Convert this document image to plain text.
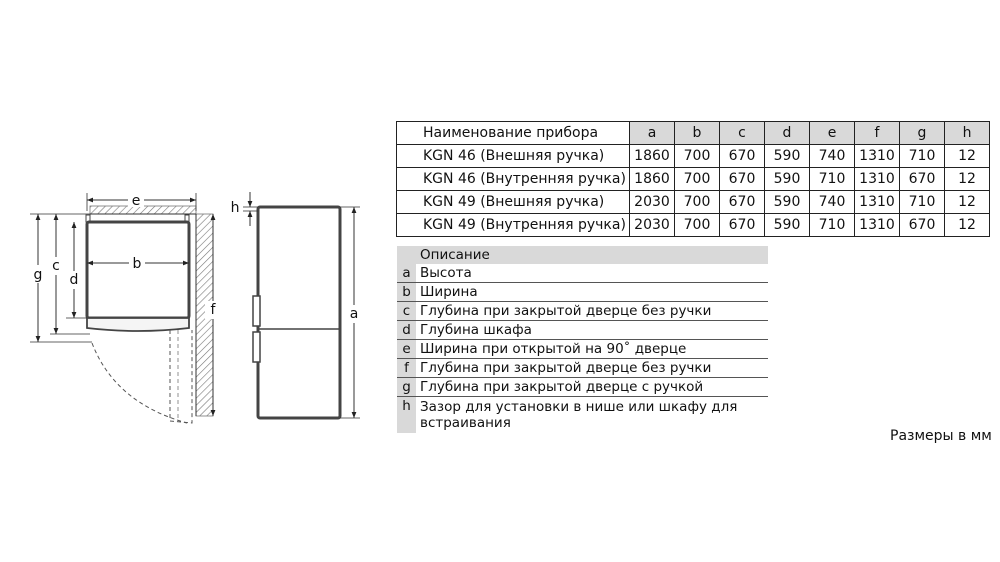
e
b
g
c
d
f
h
a
Наименование прибора	a	b	c	d	e	f	g	h
KGN 46 (Внешняя ручка)	1860	700	670	590	740	1310	710	12
KGN 46 (Внутренняя ручка)	1860	700	670	590	710	1310	670	12
KGN 49 (Внешняя ручка)	2030	700	670	590	740	1310	710	12
KGN 49 (Внутренняя ручка)	2030	700	670	590	710	1310	670	12
Описание
a Высота
b Ширина
c Глубина при закрытой дверце без ручки
d Глубина шкафа
e Ширина при открытой на 90˚ дверце
f Глубина при закрытой дверце без ручки
g Глубина при закрытой дверце с ручкой
h Зазор для установки в нише или шкафу для встраивания
Размеры в мм
